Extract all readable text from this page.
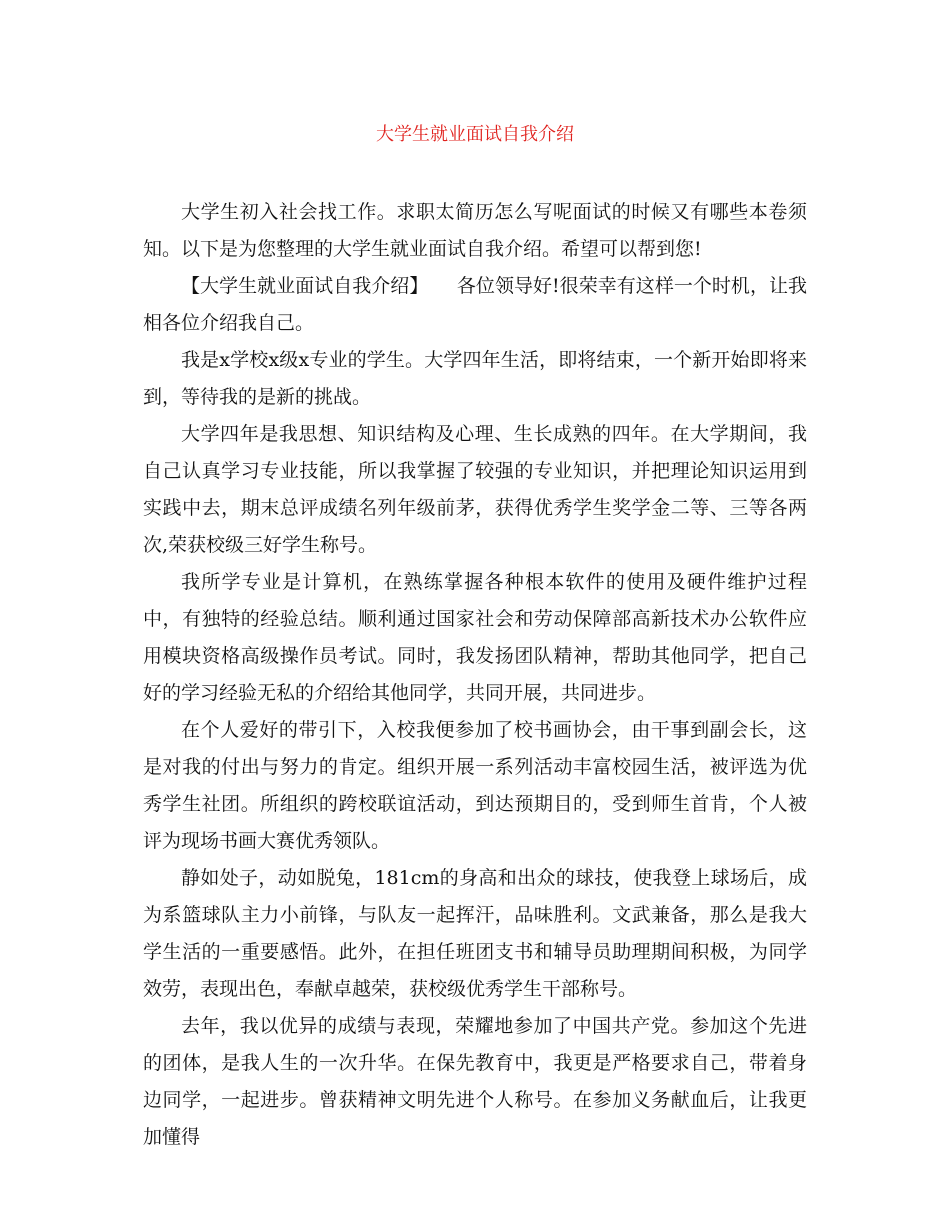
大学生就业面试自我介绍

大学生初入社会找工作。求职太简历怎么写呢面试的时候又有哪些本卷须知。以下是为您整理的大学生就业面试自我介绍。希望可以帮到您!

【大学生就业面试自我介绍】　　各位领导好!很荣幸有这样一个时机，让我相各位介绍我自己。

我是x学校x级x专业的学生。大学四年生活，即将结束，一个新开始即将来到，等待我的是新的挑战。

大学四年是我思想、知识结构及心理、生长成熟的四年。在大学期间，我自己认真学习专业技能，所以我掌握了较强的专业知识，并把理论知识运用到实践中去，期末总评成绩名列年级前茅，获得优秀学生奖学金二等、三等各两次,荣获校级三好学生称号。

我所学专业是计算机，在熟练掌握各种根本软件的使用及硬件维护过程中，有独特的经验总结。顺利通过国家社会和劳动保障部高新技术办公软件应用模块资格高级操作员考试。同时，我发扬团队精神，帮助其他同学，把自己好的学习经验无私的介绍给其他同学，共同开展，共同进步。

在个人爱好的带引下，入校我便参加了校书画协会，由干事到副会长，这是对我的付出与努力的肯定。组织开展一系列活动丰富校园生活，被评选为优秀学生社团。所组织的跨校联谊活动，到达预期目的，受到师生首肯，个人被评为现场书画大赛优秀领队。

静如处子，动如脱兔，181cm的身高和出众的球技，使我登上球场后，成为系篮球队主力小前锋，与队友一起挥汗，品味胜利。文武兼备，那么是我大学生活的一重要感悟。此外，在担任班团支书和辅导员助理期间积极，为同学效劳，表现出色，奉献卓越荣，获校级优秀学生干部称号。

去年，我以优异的成绩与表现，荣耀地参加了中国共产党。参加这个先进的团体，是我人生的一次升华。在保先教育中，我更是严格要求自己，带着身边同学，一起进步。曾获精神文明先进个人称号。在参加义务献血后，让我更加懂得
